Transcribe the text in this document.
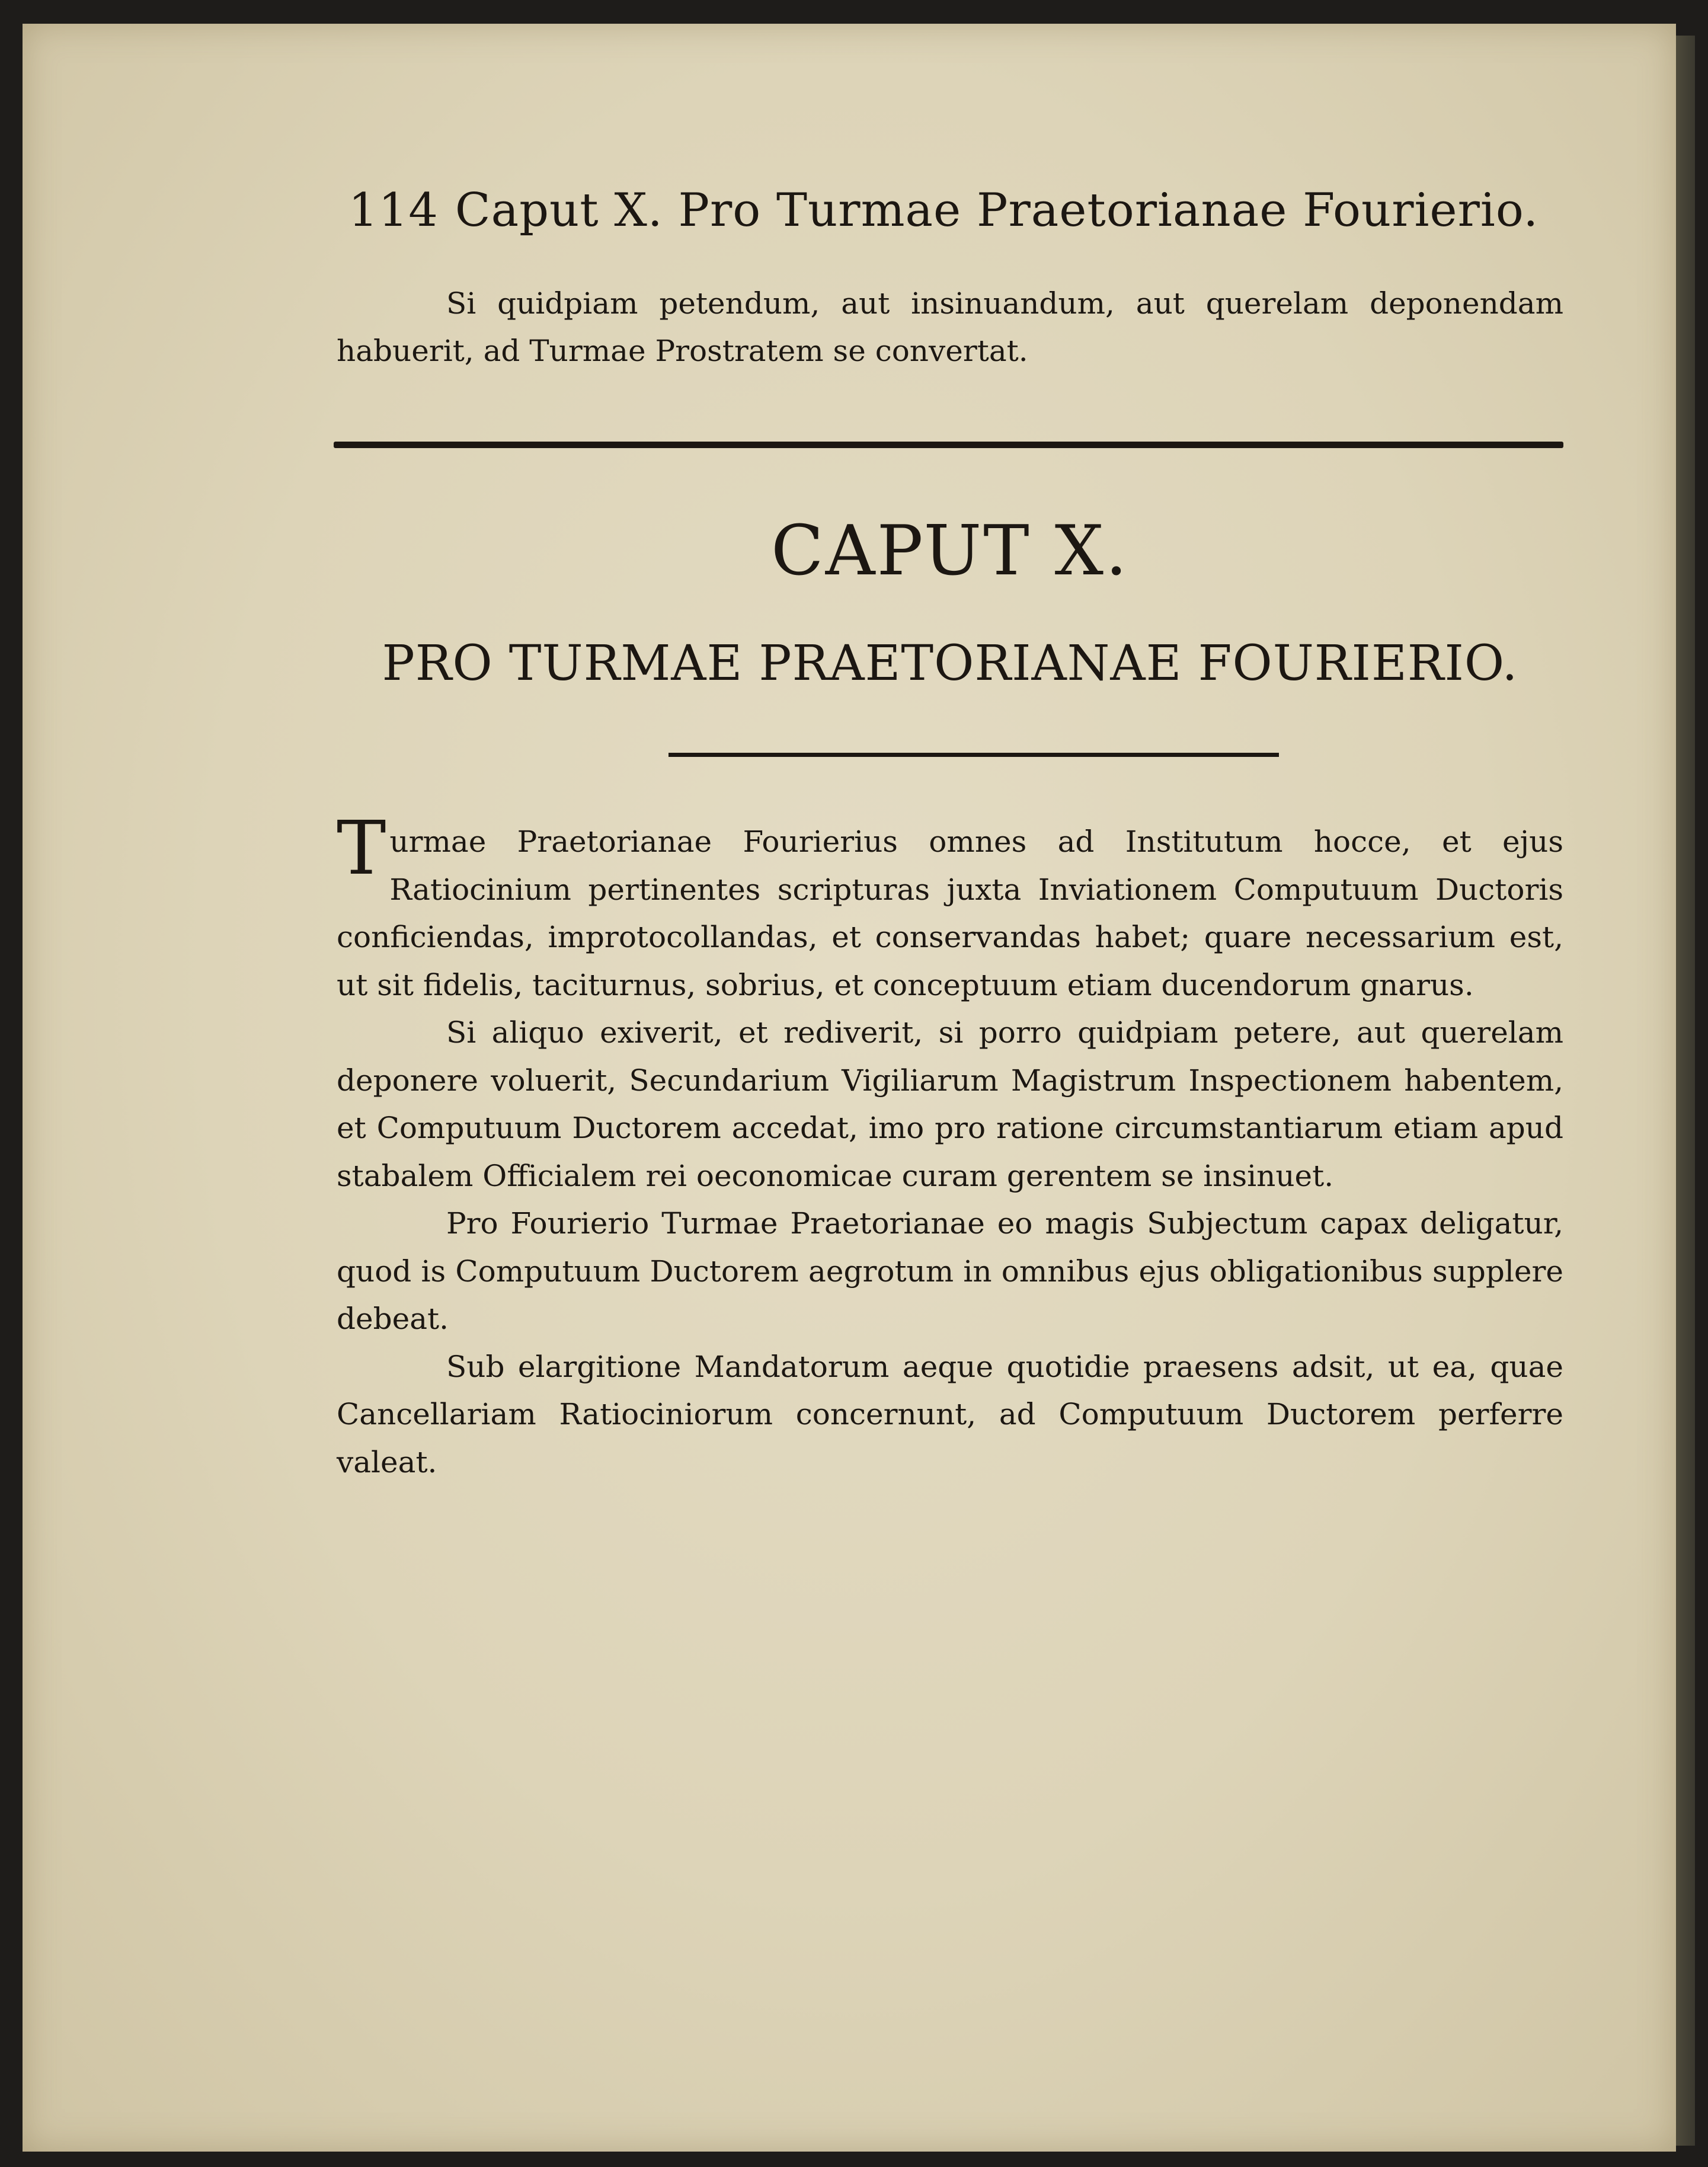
114 Caput X. Pro Turmae Praetorianae Fourierio.

Si quidpiam petendum, aut insinuandum, aut querelam deponendam habuerit, ad Turmae Prostratem se convertat.

CAPUT X.
PRO TURMAE PRAETORIANAE FOURIERIO.

Turmae Praetorianae Fourierius omnes ad Institutum hocce, et ejus Ratiocinium pertinentes scripturas juxta Inviationem Computuum Ductoris conficiendas, improtocollandas, et conservandas habet; quare necessarium est, ut sit fidelis, taciturnus, sobrius, et conceptuum etiam ducendorum gnarus.

Si aliquo exiverit, et rediverit, si porro quidpiam petere, aut querelam deponere voluerit, Secundarium Vigiliarum Magistrum Inspectionem habentem, et Computuum Ductorem accedat, imo pro ratione circumstantiarum etiam apud stabalem Officialem rei oeconomicae curam gerentem se insinuet.

Pro Fourierio Turmae Praetorianae eo magis Subjectum capax deligatur, quod is Computuum Ductorem aegrotum in omnibus ejus obligationibus supplere debeat.

Sub elargitione Mandatorum aeque quotidie praesens adsit, ut ea, quae Cancellariam Ratiociniorum concernunt, ad Computuum Ductorem perferre valeat.
